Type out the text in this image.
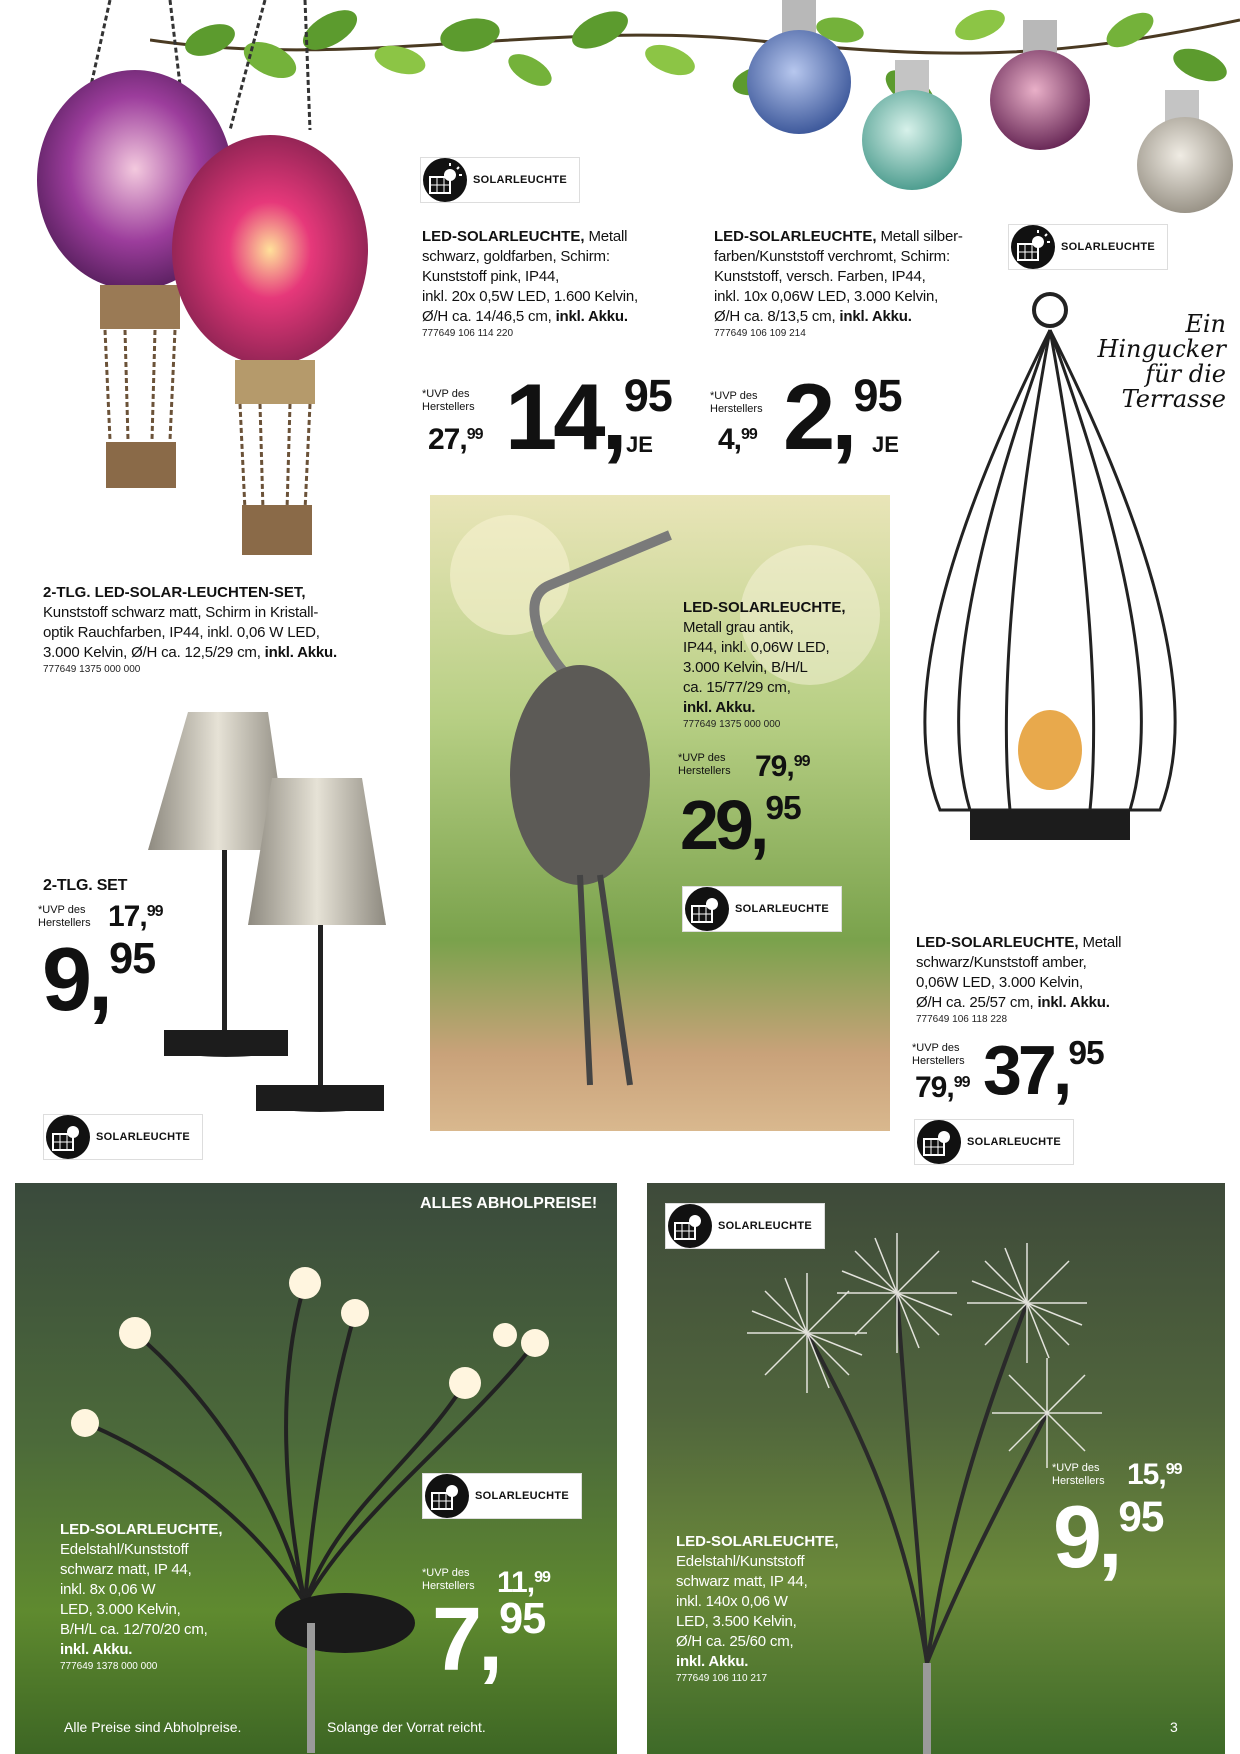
SOLARLEUCHTE
SOLARLEUCHTE
LED-SOLARLEUCHTE, Metall
schwarz, goldfarben, Schirm:
Kunststoff pink, IP44,
inkl. 20x 0,5W LED, 1.600 Kelvin,
Ø/H ca. 14/46,5 cm, inkl. Akku.
777649 106 114 220
*UVP des
Herstellers
27,99 14,95
JE
LED-SOLARLEUCHTE, Metall silber-
farben/Kunststoff verchromt, Schirm:
Kunststoff, versch. Farben, IP44,
inkl. 10x 0,06W LED, 3.000 Kelvin,
Ø/H ca. 8/13,5 cm, inkl. Akku.
777649 106 109 214
*UVP des
Herstellers
4,99 2,95
JE
Ein
Hingucker
für die
Terrasse
2-TLG. LED-SOLAR-LEUCHTEN-SET,
Kunststoff schwarz matt, Schirm in Kristall-
optik Rauchfarben, IP44, inkl. 0,06 W LED,
3.000 Kelvin, Ø/H ca. 12,5/29 cm, inkl. Akku.
777649 1375 000 000
LED-SOLARLEUCHTE,
Metall grau antik,
IP44, inkl. 0,06W LED,
3.000 Kelvin, B/H/L
ca. 15/77/29 cm,
inkl. Akku.
777649 1375 000 000
*UVP des
Herstellers 79,99
29,95
SOLARLEUCHTE
LED-SOLARLEUCHTE, Metall
schwarz/Kunststoff amber,
0,06W LED, 3.000 Kelvin,
Ø/H ca. 25/57 cm, inkl. Akku.
777649 106 118 228
*UVP des
Herstellers
79,99 37,95
SOLARLEUCHTE
2-TLG. SET
*UVP des
Herstellers 17,99
9,95
SOLARLEUCHTE
ALLES ABHOLPREISE!
SOLARLEUCHTE
LED-SOLARLEUCHTE,
Edelstahl/Kunststoff
schwarz matt, IP 44,
inkl. 8x 0,06 W
LED, 3.000 Kelvin,
B/H/L ca. 12/70/20 cm,
inkl. Akku.
777649 1378 000 000
*UVP des
Herstellers 11,99
7,95
Alle Preise sind Abholpreise.	Solange der Vorrat reicht.
SOLARLEUCHTE
LED-SOLARLEUCHTE,
Edelstahl/Kunststoff
schwarz matt, IP 44,
inkl. 140x 0,06 W
LED, 3.500 Kelvin,
Ø/H ca. 25/60 cm,
inkl. Akku.
777649 106 110 217
*UVP des
Herstellers 15,99
9,95
3
